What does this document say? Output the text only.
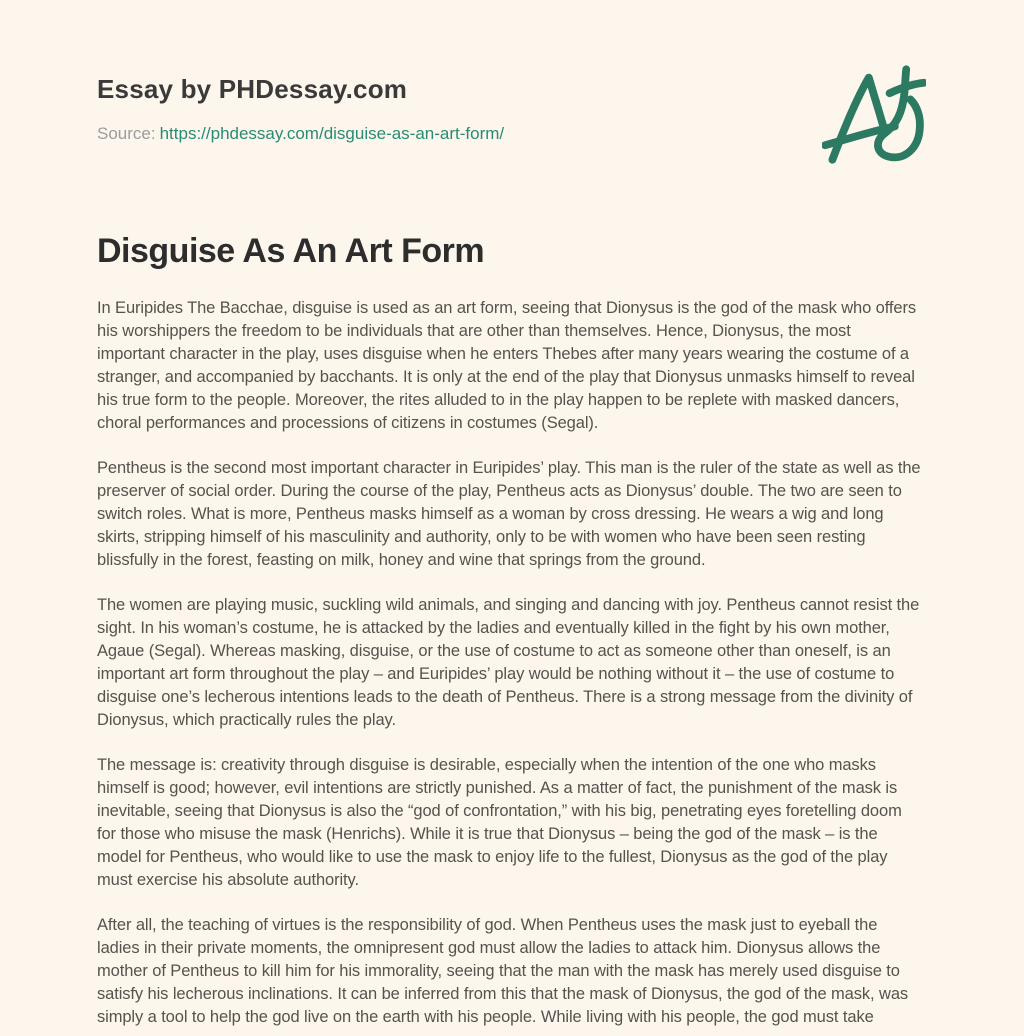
Essay by PHDessay.com
Source: https://phdessay.com/disguise-as-an-art-form/
Disguise As An Art Form

In Euripides The Bacchae, disguise is used as an art form, seeing that Dionysus is the god of the mask who offers his worshippers the freedom to be individuals that are other than themselves. Hence, Dionysus, the most important character in the play, uses disguise when he enters Thebes after many years wearing the costume of a stranger, and accompanied by bacchants. It is only at the end of the play that Dionysus unmasks himself to reveal his true form to the people. Moreover, the rites alluded to in the play happen to be replete with masked dancers, choral performances and processions of citizens in costumes (Segal).

Pentheus is the second most important character in Euripides’ play. This man is the ruler of the state as well as the preserver of social order. During the course of the play, Pentheus acts as Dionysus’ double. The two are seen to switch roles. What is more, Pentheus masks himself as a woman by cross dressing. He wears a wig and long skirts, stripping himself of his masculinity and authority, only to be with women who have been seen resting blissfully in the forest, feasting on milk, honey and wine that springs from the ground.

The women are playing music, suckling wild animals, and singing and dancing with joy. Pentheus cannot resist the sight. In his woman’s costume, he is attacked by the ladies and eventually killed in the fight by his own mother, Agaue (Segal). Whereas masking, disguise, or the use of costume to act as someone other than oneself, is an important art form throughout the play – and Euripides’ play would be nothing without it – the use of costume to disguise one’s lecherous intentions leads to the death of Pentheus. There is a strong message from the divinity of Dionysus, which practically rules the play.

The message is: creativity through disguise is desirable, especially when the intention of the one who masks himself is good; however, evil intentions are strictly punished. As a matter of fact, the punishment of the mask is inevitable, seeing that Dionysus is also the “god of confrontation,” with his big, penetrating eyes foretelling doom for those who misuse the mask (Henrichs). While it is true that Dionysus – being the god of the mask – is the model for Pentheus, who would like to use the mask to enjoy life to the fullest, Dionysus as the god of the play must exercise his absolute authority.

After all, the teaching of virtues is the responsibility of god. When Pentheus uses the mask just to eyeball the ladies in their private moments, the omnipresent god must allow the ladies to attack him. Dionysus allows the mother of Pentheus to kill him for his immorality, seeing that the man with the mask has merely used disguise to satisfy his lecherous inclinations. It can be inferred from this that the mask of Dionysus, the god of the mask, was simply a tool to help the god live on the earth with his people. While living with his people, the god must take
